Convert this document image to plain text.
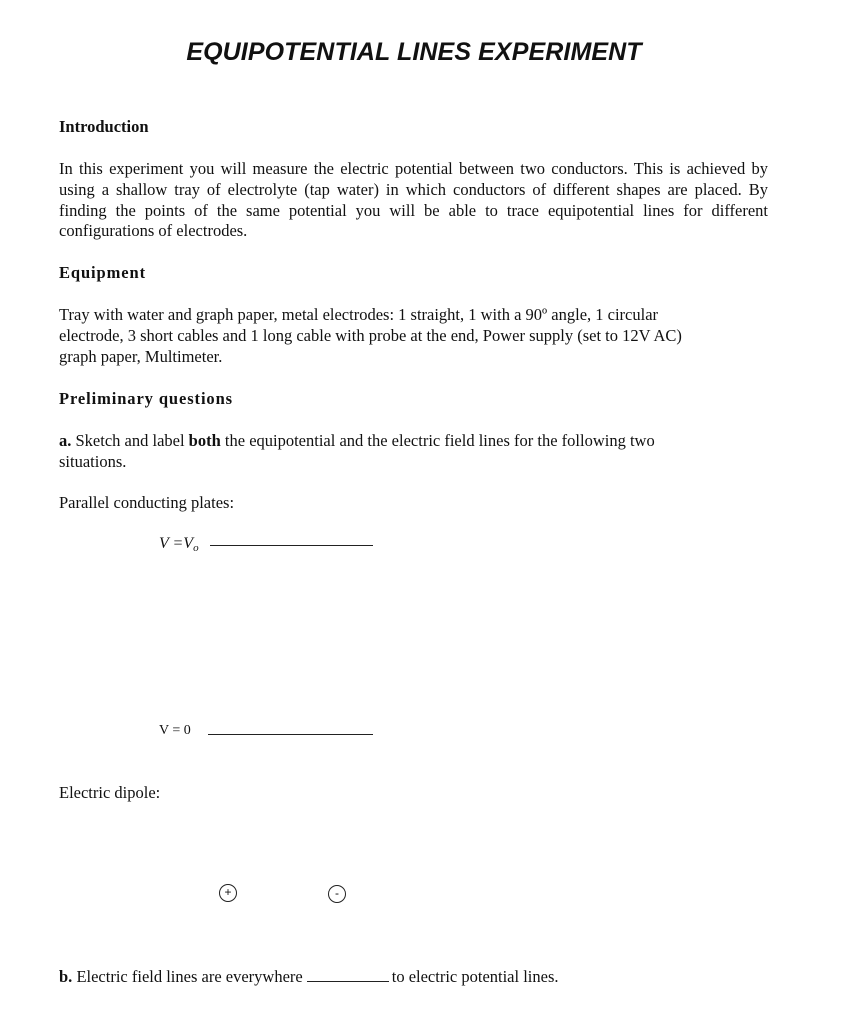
EQUIPOTENTIAL LINES EXPERIMENT
Introduction

In this experiment you will measure the electric potential between two conductors. This is achieved by using a shallow tray of electrolyte (tap water) in which conductors of different shapes are placed. By finding the points of the same potential you will be able to trace equipotential lines for different configurations of electrodes.

Equipment
Tray with water and graph paper, metal electrodes: 1 straight, 1 with a 90º angle, 1 circular
electrode, 3 short cables and 1 long cable with probe at the end, Power supply (set to 12V AC)
graph paper, Multimeter.
Preliminary questions
a. Sketch and label both the equipotential and the electric field lines for the following two
situations.
Parallel conducting plates:
$V =V_o$
V = 0
Electric dipole:
+	-
b. Electric field lines are everywhere	to electric potential lines.
